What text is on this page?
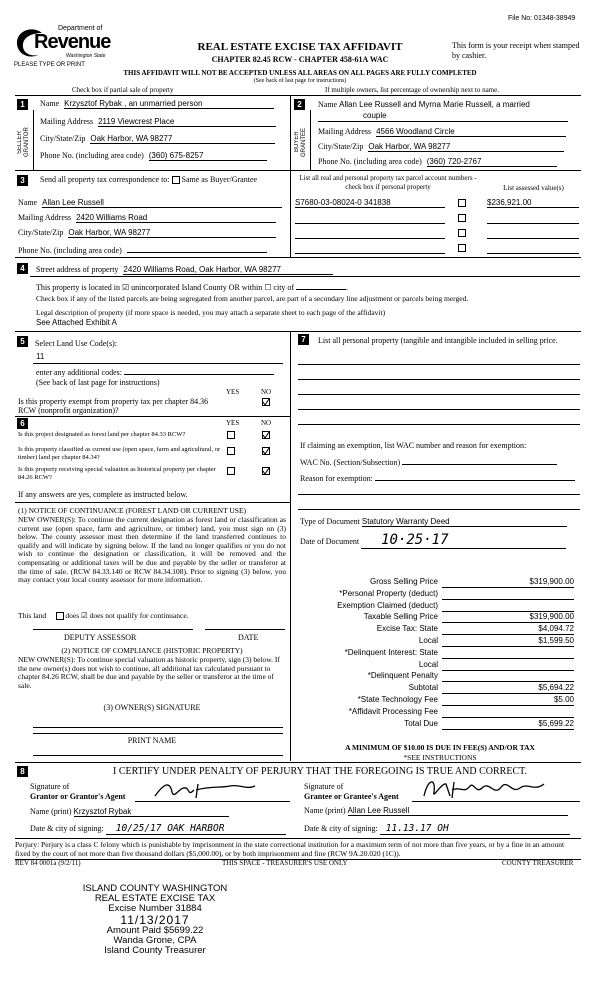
File No: 01348-38949
Department of
Revenue
Washington State
PLEASE TYPE OR PRINT
REAL ESTATE EXCISE TAX AFFIDAVIT
CHAPTER 82.45 RCW - CHAPTER 458-61A WAC
This form is your receipt when stamped by cashier.
THIS AFFIDAVIT WILL NOT BE ACCEPTED UNLESS ALL AREAS ON ALL PAGES ARE FULLY COMPLETED
(See back of last page for instructions)
Check box if partial sale of property	If multiple owners, list percentage of ownership next to name.
1
SELLER GRANTOR
Name Krzysztof Rybak , an unmarried person
Mailing Address 2119 Viewcrest Place
City/State/Zip Oak Harbor, WA 98277
Phone No. (including area code) (360) 675-8257
2
BUYER GRANTEE
Name Allan Lee Russell and Myrna Marie Russell, a married
couple
Mailing Address 4566 Woodland Circle
City/State/Zip Oak Harbor, WA 98277
Phone No. (including area code) (360) 720-2767
3	Send all property tax correspondence to: Same as Buyer/Grantee
Name Allan Lee Russell
Mailing Address 2420 Williams Road
City/State/Zip Oak Harbor, WA 98277
Phone No. (including area code)
List all real and personal property tax parcel account numbers - check box if personal property	List assessed value(s)
S7680-03-08024-0 341838	$236,921.00
4	Street address of property 2420 Williams Road, Oak Harbor, WA 98277
This property is located in ☑ unincorporated Island County OR within ☐ city of	.
Check box if any of the listed parcels are being segregated from another parcel, are part of a secondary line adjustment or parcels being merged.
Legal description of property (if more space is needed, you may attach a separate sheet to each page of the affidavit)
See Attached Exhibit A
5	Select Land Use Code(s):
11
enter any additional codes:
(See back of last page for instructions)
YES	NO
Is this property exempt from property tax per chapter 84.36 RCW (nonprofit organization)?
6	YES	NO
Is this project designated as forest land per chapter 84.33 RCW?
Is this property classified as current use (open space, farm and agricultural, or timber) land per chapter 84.34?
Is this property receiving special valuation as historical property per chapter 84.26 RCW?
If any answers are yes, complete as instructed below.
(1) NOTICE OF CONTINUANCE (FOREST LAND OR CURRENT USE)
NEW OWNER(S): To continue the current designation as forest land or classification as current use (open space, farm and agriculture, or timber) land, you must sign on (3) below. The county assessor must then determine if the land transferred continues to qualify and will indicate by signing below. If the land no longer qualifies or you do not wish to continue the designation or classification, it will be removed and the compensating or additional taxes will be due and payable by the seller or transferor at the time of sale. (RCW 84.33.140 or RCW 84.34.108). Prior to signing (3) below, you may contact your local county assessor for more information.
This land	does ☑ does not qualify for continuance.
DEPUTY ASSESSOR	DATE
(2) NOTICE OF COMPLIANCE (HISTORIC PROPERTY)
NEW OWNER(S): To continue special valuation as historic property, sign (3) below. If the new owner(s) does not wish to continue, all additional tax calculated pursuant to chapter 84.26 RCW, shall be due and payable by the seller or transferor at the time of sale.
(3) OWNER(S) SIGNATURE
PRINT NAME
7	List all personal property (tangible and intangible included in selling price.
If claiming an exemption, list WAC number and reason for exemption:
WAC No. (Section/Subsection)
Reason for exemption:
Type of Document Statutory Warranty Deed
Date of Document 10·25·17
Gross Selling Price	$319,900.00
*Personal Property (deduct)
Exemption Claimed (deduct)
Taxable Selling Price	$319,900.00
Excise Tax: State	$4,094.72
Local	$1,599.50
*Delinquent Interest: State
Local
*Delinquent Penalty
Subtotal	$5,694.22
*State Technology Fee	$5.00
*Affidavit Processing Fee
Total Due	$5,699.22
A MINIMUM OF $10.00 IS DUE IN FEE(S) AND/OR TAX
*SEE INSTRUCTIONS
8	I CERTIFY UNDER PENALTY OF PERJURY THAT THE FOREGOING IS TRUE AND CORRECT.
Signature of
Grantor or Grantor's Agent
Signature of
Grantee or Grantee's Agent
Name (print) Krzysztof Rybak	Name (print) Allan Lee Russell
Date & city of signing: 10/25/17 OAK HARBOR	Date & city of signing: 11.13.17 OH
Perjury: Perjury is a class C felony which is punishable by imprisonment in the state correctional institution for a maximum term of not more than five years, or by a fine in an amount fixed by the court of not more than five thousand dollars ($5,000.00), or by both imprisonment and fine (RCW 9A.20.020 (1C)).
REV 84 0001a (9/2/11)	THIS SPACE - TREASURER'S USE ONLY	COUNTY TREASURER
ISLAND COUNTY WASHINGTON
REAL ESTATE EXCISE TAX
Excise Number 31884
11/13/2017
Amount Paid $5699.22
Wanda Grone, CPA
Island County Treasurer
